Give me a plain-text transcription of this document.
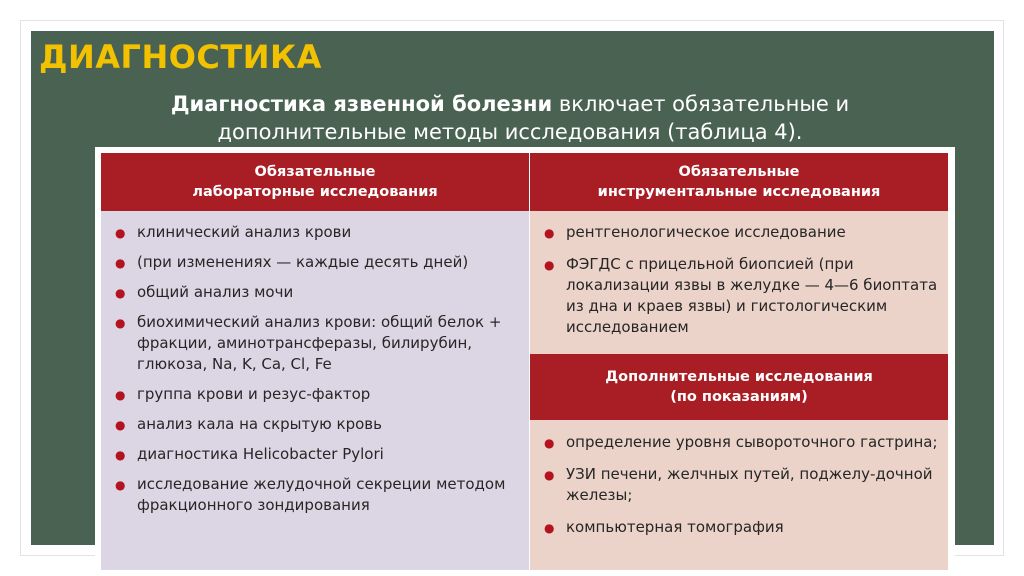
ДИАГНОСТИКА
Диагностика язвенной болезни включает обязательные и дополнительные методы исследования (таблица 4).
Обязательные
лабораторные исследования
● клинический анализ крови
● (при изменениях — каждые десять дней)
● общий анализ мочи
● биохимический анализ крови: общий белок + фракции, аминотрансферазы, билирубин, глюкоза, Na, K, Ca, Cl, Fe
● группа крови и резус-фактор
● анализ кала на скрытую кровь
● диагностика Helicobacter Pylori
● исследование желудочной секреции методом фракционного зондирования
Обязательные
инструментальные исследования
● рентгенологическое исследование
● ФЭГДС с прицельной биопсией (при локализации язвы в желудке — 4—6 биоптата из дна и краев язвы) и гистологическим исследованием
Дополнительные исследования
(по показаниям)
● определение уровня сывороточного гастрина;
● УЗИ печени, желчных путей, поджелу-дочной железы;
● компьютерная томография
